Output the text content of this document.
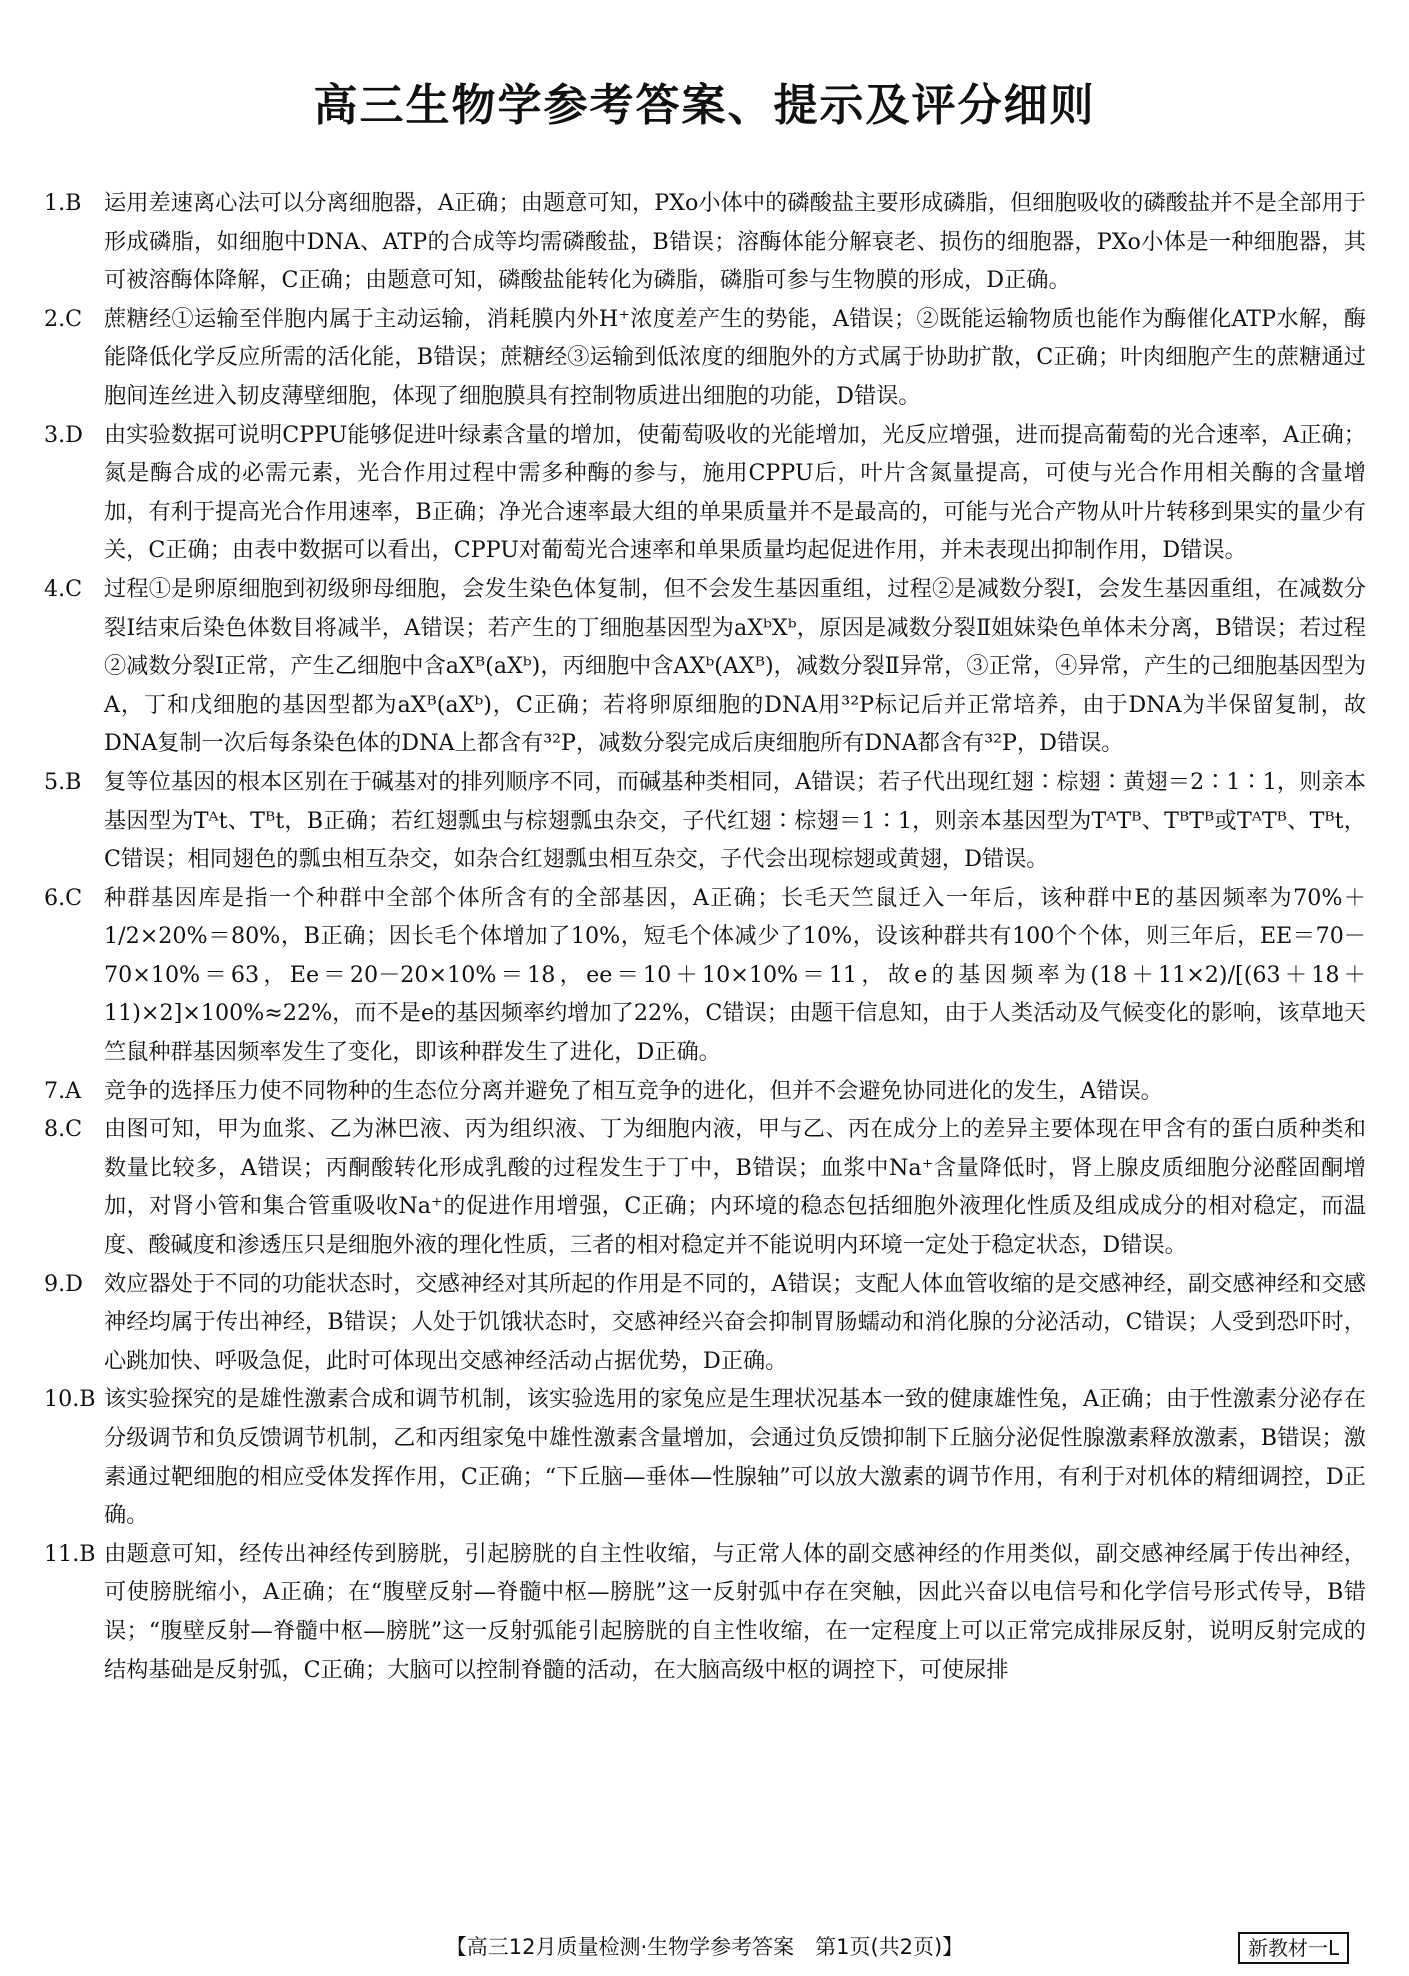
高三生物学参考答案、提示及评分细则
1.B	运用差速离心法可以分离细胞器，A正确；由题意可知，PXo小体中的磷酸盐主要形成磷脂，但细胞吸收的磷酸盐并不是全部用于形成磷脂，如细胞中DNA、ATP的合成等均需磷酸盐，B错误；溶酶体能分解衰老、损伤的细胞器，PXo小体是一种细胞器，其可被溶酶体降解，C正确；由题意可知，磷酸盐能转化为磷脂，磷脂可参与生物膜的形成，D正确。
2.C 蔗糖经①运输至伴胞内属于主动运输，消耗膜内外H⁺浓度差产生的势能，A错误；②既能运输物质也能作为酶催化ATP水解，酶能降低化学反应所需的活化能，B错误；蔗糖经③运输到低浓度的细胞外的方式属于协助扩散，C正确；叶肉细胞产生的蔗糖通过胞间连丝进入韧皮薄壁细胞，体现了细胞膜具有控制物质进出细胞的功能，D错误。
3.D 由实验数据可说明CPPU能够促进叶绿素含量的增加，使葡萄吸收的光能增加，光反应增强，进而提高葡萄的光合速率，A正确；氮是酶合成的必需元素，光合作用过程中需多种酶的参与，施用CPPU后，叶片含氮量提高，可使与光合作用相关酶的含量增加，有利于提高光合作用速率，B正确；净光合速率最大组的单果质量并不是最高的，可能与光合产物从叶片转移到果实的量少有关，C正确；由表中数据可以看出，CPPU对葡萄光合速率和单果质量均起促进作用，并未表现出抑制作用，D错误。
4.C 过程①是卵原细胞到初级卵母细胞，会发生染色体复制，但不会发生基因重组，过程②是减数分裂Ⅰ，会发生基因重组，在减数分裂Ⅰ结束后染色体数目将减半，A错误；若产生的丁细胞基因型为aXᵇXᵇ，原因是减数分裂Ⅱ姐妹染色单体未分离，B错误；若过程②减数分裂Ⅰ正常，产生乙细胞中含aXᴮ(aXᵇ)，丙细胞中含AXᵇ(AXᴮ)，减数分裂Ⅱ异常，③正常，④异常，产生的己细胞基因型为A，丁和戊细胞的基因型都为aXᴮ(aXᵇ)，C正确；若将卵原细胞的DNA用³²P标记后并正常培养，由于DNA为半保留复制，故DNA复制一次后每条染色体的DNA上都含有³²P，减数分裂完成后庚细胞所有DNA都含有³²P，D错误。
5.B	复等位基因的根本区别在于碱基对的排列顺序不同，而碱基种类相同，A错误；若子代出现红翅∶棕翅∶黄翅＝2∶1∶1，则亲本基因型为Tᴬt、Tᴮt，B正确；若红翅瓢虫与棕翅瓢虫杂交，子代红翅∶棕翅＝1∶1，则亲本基因型为TᴬTᴮ、TᴮTᴮ或TᴬTᴮ、Tᴮt，C错误；相同翅色的瓢虫相互杂交，如杂合红翅瓢虫相互杂交，子代会出现棕翅或黄翅，D错误。
6.C 种群基因库是指一个种群中全部个体所含有的全部基因，A正确；长毛天竺鼠迁入一年后，该种群中E的基因频率为70%＋1/2×20%＝80%，B正确；因长毛个体增加了10%，短毛个体减少了10%，设该种群共有100个个体，则三年后，EE＝70－70×10%＝63，Ee＝20－20×10%＝18，ee＝10＋10×10%＝11，故e的基因频率为(18＋11×2)/[(63＋18＋11)×2]×100%≈22%，而不是e的基因频率约增加了22%，C错误；由题干信息知，由于人类活动及气候变化的影响，该草地天竺鼠种群基因频率发生了变化，即该种群发生了进化，D正确。
7.A	竞争的选择压力使不同物种的生态位分离并避免了相互竞争的进化，但并不会避免协同进化的发生，A错误。
8.C 由图可知，甲为血浆、乙为淋巴液、丙为组织液、丁为细胞内液，甲与乙、丙在成分上的差异主要体现在甲含有的蛋白质种类和数量比较多，A错误；丙酮酸转化形成乳酸的过程发生于丁中，B错误；血浆中Na⁺含量降低时，肾上腺皮质细胞分泌醛固酮增加，对肾小管和集合管重吸收Na⁺的促进作用增强，C正确；内环境的稳态包括细胞外液理化性质及组成成分的相对稳定，而温度、酸碱度和渗透压只是细胞外液的理化性质，三者的相对稳定并不能说明内环境一定处于稳定状态，D错误。
9.D 效应器处于不同的功能状态时，交感神经对其所起的作用是不同的，A错误；支配人体血管收缩的是交感神经，副交感神经和交感神经均属于传出神经，B错误；人处于饥饿状态时，交感神经兴奋会抑制胃肠蠕动和消化腺的分泌活动，C错误；人受到恐吓时，心跳加快、呼吸急促，此时可体现出交感神经活动占据优势，D正确。
10.B 该实验探究的是雄性激素合成和调节机制，该实验选用的家兔应是生理状况基本一致的健康雄性兔，A正确；由于性激素分泌存在分级调节和负反馈调节机制，乙和丙组家兔中雄性激素含量增加，会通过负反馈抑制下丘脑分泌促性腺激素释放激素，B错误；激素通过靶细胞的相应受体发挥作用，C正确；“下丘脑—垂体—性腺轴”可以放大激素的调节作用，有利于对机体的精细调控，D正确。
11.B 由题意可知，经传出神经传到膀胱，引起膀胱的自主性收缩，与正常人体的副交感神经的作用类似，副交感神经属于传出神经，可使膀胱缩小，A正确；在“腹壁反射—脊髓中枢—膀胱”这一反射弧中存在突触，因此兴奋以电信号和化学信号形式传导，B错误；“腹壁反射—脊髓中枢—膀胱”这一反射弧能引起膀胱的自主性收缩，在一定程度上可以正常完成排尿反射，说明反射完成的结构基础是反射弧，C正确；大脑可以控制脊髓的活动，在大脑高级中枢的调控下，可使尿排
【高三12月质量检测·生物学参考答案　第1页(共2页)】	新教材一L
